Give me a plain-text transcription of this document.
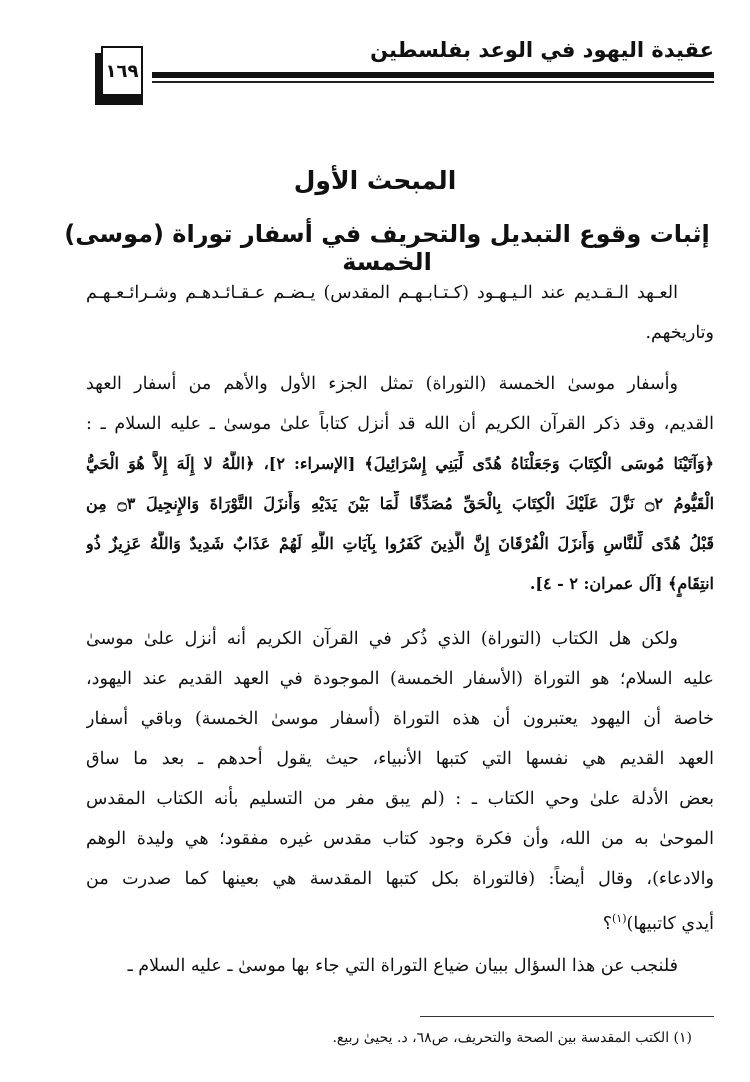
عقيدة اليهود في الوعد بفلسطين
١٦٩
المبحث الأول
إثبات وقوع التبديل والتحريف في أسفار توراة (موسى) الخمسة
العـهد الـقـديم عند الـيـهـود (كـتـابـهـم المقدس) يـضـم عـقـائـدهـم وشـرائـعـهـم
وتاريخهم.
وأسفار موسىٰ الخمسة (التوراة) تمثل الجزء الأول والأهم من أسفار العهد
القديم، وقد ذكر القرآن الكريم أن الله قد أنزل كتاباً علىٰ موسىٰ ـ عليه السلام ـ :
﴿وَآتَيْنَا مُوسَى الْكِتَابَ وَجَعَلْنَاهُ هُدًى لِّبَنِي إِسْرَائِيلَ﴾ [الإسراء: ٢]، ﴿اللَّهُ لا إِلَهَ إِلاَّ هُوَ الْحَيُّ
الْقَيُّومُ ۝٢ نَزَّلَ عَلَيْكَ الْكِتَابَ بِالْحَقِّ مُصَدِّقًا لِّمَا بَيْنَ يَدَيْهِ وَأَنزَلَ التَّوْرَاةَ وَالإِنجِيلَ ۝٣ مِن
قَبْلُ هُدًى لِّلنَّاسِ وَأَنزَلَ الْفُرْقَانَ إِنَّ الَّذِينَ كَفَرُوا بِآيَاتِ اللَّهِ لَهُمْ عَذَابٌ شَدِيدٌ وَاللَّهُ عَزِيزٌ ذُو
انتِقَامٍ﴾ [آل عمران: ٢ - ٤].
ولكن هل الكتاب (التوراة) الذي ذُكر في القرآن الكريم أنه أنزل علىٰ موسىٰ
عليه السلام؛ هو التوراة (الأسفار الخمسة) الموجودة في العهد القديم عند اليهود،
خاصة أن اليهود يعتبرون أن هذه التوراة (أسفار موسىٰ الخمسة) وباقي أسفار
العهد القديم هي نفسها التي كتبها الأنبياء، حيث يقول أحدهم ـ بعد ما ساق
بعض الأدلة علىٰ وحي الكتاب ـ : (لم يبق مفر من التسليم بأنه الكتاب المقدس
الموحىٰ به من الله، وأن فكرة وجود كتاب مقدس غيره مفقود؛ هي وليدة الوهم
والادعاء)، وقال أيضاً: (فالتوراة بكل كتبها المقدسة هي بعينها كما صدرت من
أيدي كاتبيها)$^{(١)}$؟
فلنجب عن هذا السؤال ببيان ضياع التوراة التي جاء بها موسىٰ ـ عليه السلام ـ
(١) الكتب المقدسة بين الصحة والتحريف، ص٦٨، د. يحيىٰ ربيع.
